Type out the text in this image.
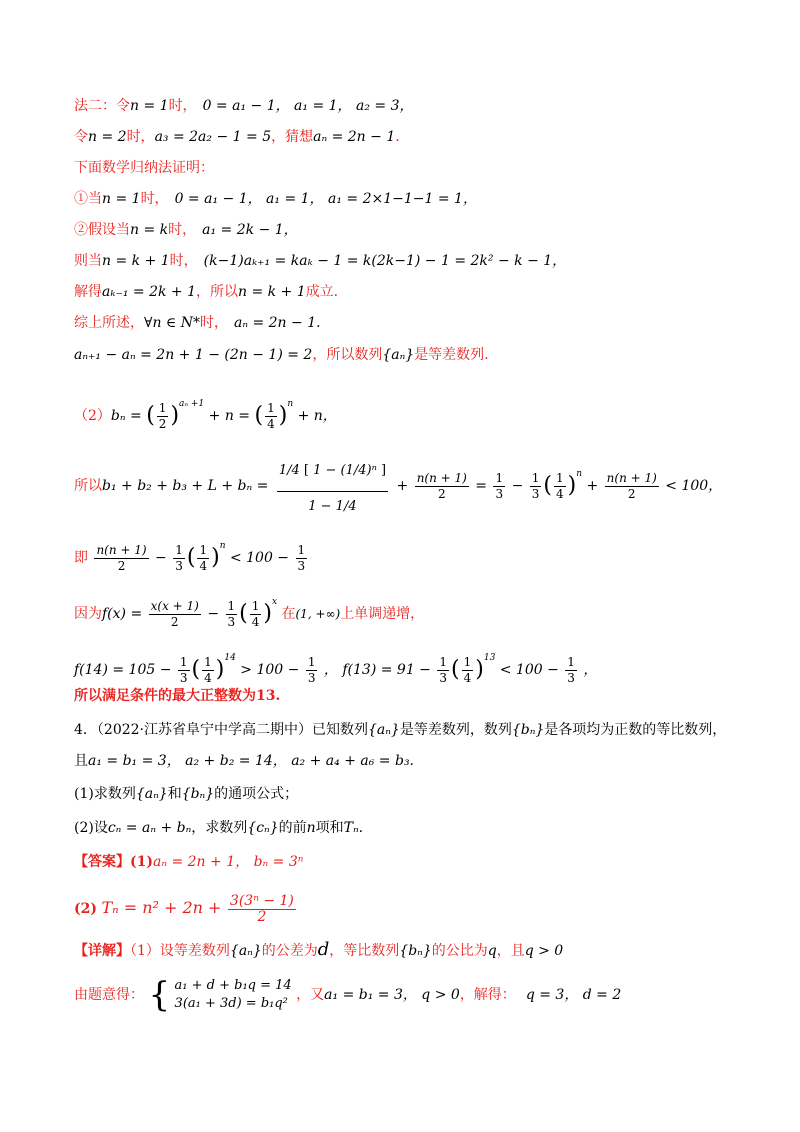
法二：令n = 1时， 0 = a₁ − 1， a₁ = 1， a₂ = 3，
令n = 2时，a₃ = 2a₂ − 1 = 5，猜想aₙ = 2n − 1.
下面数学归纳法证明：
①当n = 1时， 0 = a₁ − 1， a₁ = 1， a₁ = 2×1−1−1 = 1，
②假设当n = k时， a₁ = 2k − 1，
则当n = k + 1时， (k−1)aₖ₊₁ = kaₖ − 1 = k(2k−1) − 1 = 2k² − k − 1，
解得aₖ₋₁ = 2k + 1，所以n = k + 1成立.
综上所述，∀n ∈ N*时， aₙ = 2n − 1.
aₙ₊₁ − aₙ = 2n + 1 − (2n − 1) = 2，所以数列{aₙ}是等差数列.
（2）bₙ = ( $\frac{1}{2} )^{a_n +1} + n$ = ( $\frac{1}{4} )^n + n$，
所以$b_1 + b_2 + b_3 + L + b_n = \frac{\text{1/4 [ 1 − (1/4)ⁿ ]}}{1 - 1/4} + \frac{n(n + 1)}{2} = \frac{1}{3} - \frac{1}{3}$ ( $\frac{1}{4} )^n + \frac{n(n + 1)}{2} < 100$，
即 $\frac{n(n + 1)}{2} - \frac{1}{3}$ ( $\frac{1}{4} )^n < 100 - \frac{1}{3}$
因为$f(x) = \frac{x(x + 1)}{2} - \frac{1}{3}$ ( $\frac{1}{4} )^x$ 在(1, +∞)上单调递增，
$f(14) = 105 - \frac{1}{3}$ ( $\frac{1}{4} )^{14} > 100 - \frac{1}{3}$ ， $f(13) = 91 - \frac{1}{3}$ ( $\frac{1}{4} )^{13} < 100 - \frac{1}{3}$ ，
所以满足条件的最大正整数为13.
4．（2022·江苏省阜宁中学高二期中）已知数列{aₙ}是等差数列，数列{bₙ}是各项均为正数的等比数列，
且a₁ = b₁ = 3， a₂ + b₂ = 14， a₂ + a₄ + a₆ = b₃.
(1)求数列{aₙ}和{bₙ}的通项公式；
(2)设cₙ = aₙ + bₙ，求数列{cₙ}的前n项和Tₙ.
【答案】(1)aₙ = 2n + 1， bₙ = 3ⁿ
(2) $T_n = n^2 + 2n + \frac{\text{3(3ⁿ − 1)}}{2}$
【详解】（1）设等差数列{aₙ}的公差为d，等比数列{bₙ}的公比为q，且q > 0
由题意得： { a₁ + d + b₁q = 14
3(a₁ + 3d) = b₁q²
，又a₁ = b₁ = 3， q > 0，解得： q = 3， d = 2
